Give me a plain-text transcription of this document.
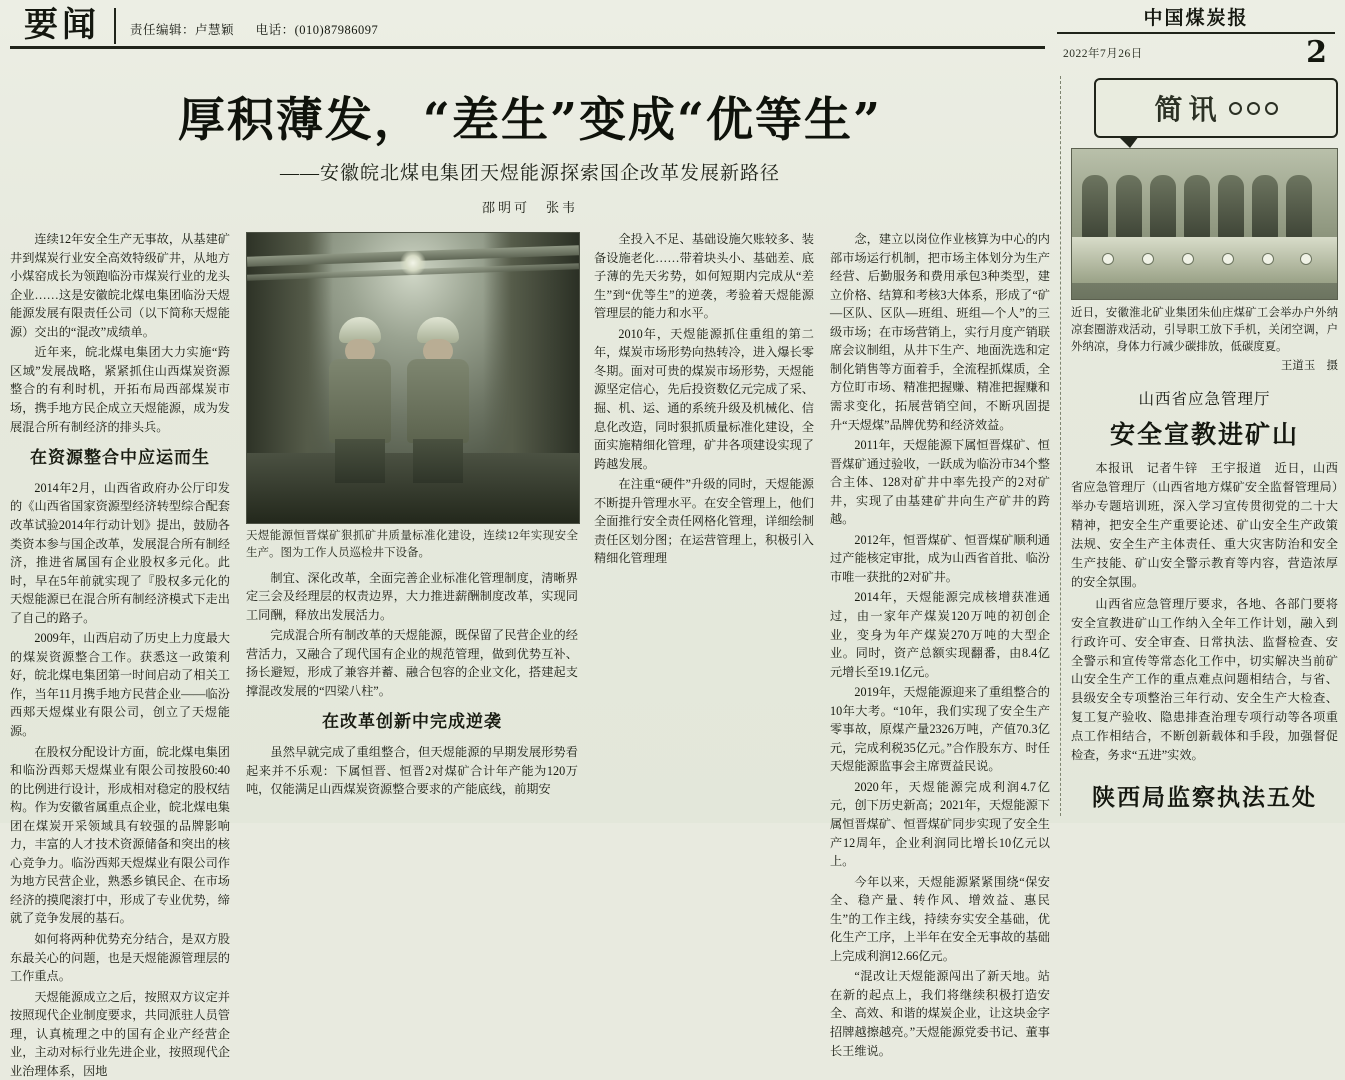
要闻	责任编辑：卢慧颖 电话：(010)87986097
中国煤炭报
2022年7月26日	2
厚积薄发，“差生”变成“优等生”
——安徽皖北煤电集团天煜能源探索国企改革发展新路径
邵明可　张韦

连续12年安全生产无事故，从基建矿井到煤炭行业安全高效特级矿井，从地方小煤窑成长为领跑临汾市煤炭行业的龙头企业……这是安徽皖北煤电集团临汾天煜能源发展有限责任公司（以下简称天煜能源）交出的“混改”成绩单。

近年来，皖北煤电集团大力实施“跨区域”发展战略，紧紧抓住山西煤炭资源整合的有利时机，开拓布局西部煤炭市场，携手地方民企成立天煜能源，成为发展混合所有制经济的排头兵。

在资源整合中应运而生

2014年2月，山西省政府办公厅印发的《山西省国家资源型经济转型综合配套改革试验2014年行动计划》提出，鼓励各类资本参与国企改革，发展混合所有制经济，推进省属国有企业股权多元化。此时，早在5年前就实现了『股权多元化的天煜能源已在混合所有制经济模式下走出了自己的路子。

2009年，山西启动了历史上力度最大的煤炭资源整合工作。获悉这一政策利好，皖北煤电集团第一时间启动了相关工作，当年11月携手地方民营企业——临汾西郏天煜煤业有限公司，创立了天煜能源。

在股权分配设计方面，皖北煤电集团和临汾西郏天煜煤业有限公司按股60:40的比例进行设计，形成相对稳定的股权结构。作为安徽省属重点企业，皖北煤电集团在煤炭开采领域具有较强的品牌影响力，丰富的人才技术资源储备和突出的核心竞争力。临汾西郏天煜煤业有限公司作为地方民营企业，熟悉乡镇民企、在市场经济的摸爬滚打中，形成了专业优势，缔就了竞争发展的基石。

如何将两种优势充分结合，是双方股东最关心的问题，也是天煜能源管理层的工作重点。

天煜能源成立之后，按照双方议定并按照现代企业制度要求，共同派驻人员管理，认真梳理之中的国有企业产经营企业，主动对标行业先进企业，按照现代企业治理体系，因地

天煜能源恒晋煤矿狠抓矿井质量标准化建设，连续12年实现安全生产。图为工作人员巡检井下设备。

制宜、深化改革，全面完善企业标准化管理制度，清晰界定三会及经理层的权责边界，大力推进薪酬制度改革，实现同工同酬，释放出发展活力。

完成混合所有制改革的天煜能源，既保留了民营企业的经营活力，又融合了现代国有企业的规范管理，做到优势互补、扬长避短，形成了兼容并蓄、融合包容的企业文化，搭建起支撑混改发展的“四梁八柱”。

在改革创新中完成逆袭

虽然早就完成了重组整合，但天煜能源的早期发展形势看起来并不乐观：下属恒晋、恒晋2对煤矿合计年产能为120万吨，仅能满足山西煤炭资源整合要求的产能底线，前期安

全投入不足、基础设施欠账较多、装备设施老化……带着块头小、基础差、底子薄的先天劣势，如何短期内完成从“差生”到“优等生”的逆袭，考验着天煜能源管理层的能力和水平。

2010年，天煜能源抓住重组的第二年，煤炭市场形势向热转冷，进入爆长零冬期。面对可贵的煤炭市场形势，天煜能源坚定信心，先后投资数亿元完成了采、掘、机、运、通的系统升级及机械化、信息化改造，同时狠抓质量标准化建设，全面实施精细化管理，矿井各项建设实现了跨越发展。

在注重“硬件”升级的同时，天煜能源不断提升管理水平。在安全管理上，他们全面推行安全责任网格化管理，详细绘制责任区划分图；在运营管理上，积极引入精细化管理理

念，建立以岗位作业核算为中心的内部市场运行机制，把市场主体划分为生产经营、后勤服务和费用承包3种类型，建立价格、结算和考核3大体系，形成了“矿—区队、区队—班组、班组—个人”的三级市场；在市场营销上，实行月度产销联席会议制组，从井下生产、地面洗选和定制化销售等方面着手，全流程抓煤质，全方位盯市场、精准把握赚、精准把握赚和需求变化，拓展营销空间，不断巩固提升“天煜煤”品牌优势和经济效益。

2011年，天煜能源下属恒晋煤矿、恒晋煤矿通过验收，一跃成为临汾市34个整合主体、128对矿井中率先投产的2对矿井，实现了由基建矿井向生产矿井的跨越。

2012年，恒晋煤矿、恒晋煤矿顺利通过产能核定审批，成为山西省首批、临汾市唯一获批的2对矿井。

2014年，天煜能源完成核增获准通过，由一家年产煤炭120万吨的初创企业，变身为年产煤炭270万吨的大型企业。同时，资产总额实现翻番，由8.4亿元增长至19.1亿元。

2019年，天煜能源迎来了重组整合的10年大考。“10年，我们实现了安全生产零事故，原煤产量2326万吨，产值70.3亿元，完成利税35亿元。”合作股东方、时任天煜能源监事会主席贾益民说。

2020年，天煜能源完成利润4.7亿元，创下历史新高；2021年，天煜能源下属恒晋煤矿、恒晋煤矿同步实现了安全生产12周年，企业利润同比增长10亿元以上。

今年以来，天煜能源紧紧围绕“保安全、稳产量、转作风、增效益、惠民生”的工作主线，持续夯实安全基础，优化生产工序，上半年在安全无事故的基础上完成利润12.66亿元。

“混改让天煜能源闯出了新天地。站在新的起点上，我们将继续积极打造安全、高效、和谐的煤炭企业，让这块金字招牌越擦越亮。”天煜能源党委书记、董事长王维说。

简讯
近日，安徽淮北矿业集团朱仙庄煤矿工会举办户外纳凉套圈游戏活动，引导职工放下手机，关闭空调，户外纳凉，身体力行减少碳排放，低碳度夏。
王道玉　摄
山西省应急管理厅
安全宣教进矿山

本报讯　记者牛锌　王宇报道　近日，山西省应急管理厅（山西省地方煤矿安全监督管理局）举办专题培训班，深入学习宣传贯彻党的二十大精神，把安全生产重要论述、矿山安全生产政策法规、安全生产主体责任、重大灾害防治和安全生产技能、矿山安全警示教育等内容，营造浓厚的安全氛围。

山西省应急管理厅要求，各地、各部门要将安全宣教进矿山工作纳入全年工作计划，融入到行政许可、安全审查、日常执法、监督检查、安全警示和宣传等常态化工作中，切实解决当前矿山安全生产工作的重点难点问题相结合，与省、县级安全专项整治三年行动、安全生产大检查、复工复产验收、隐患排查治理专项行动等各项重点工作相结合，不断创新载体和手段，加强督促检查，务求“五进”实效。

陕西局监察执法五处
